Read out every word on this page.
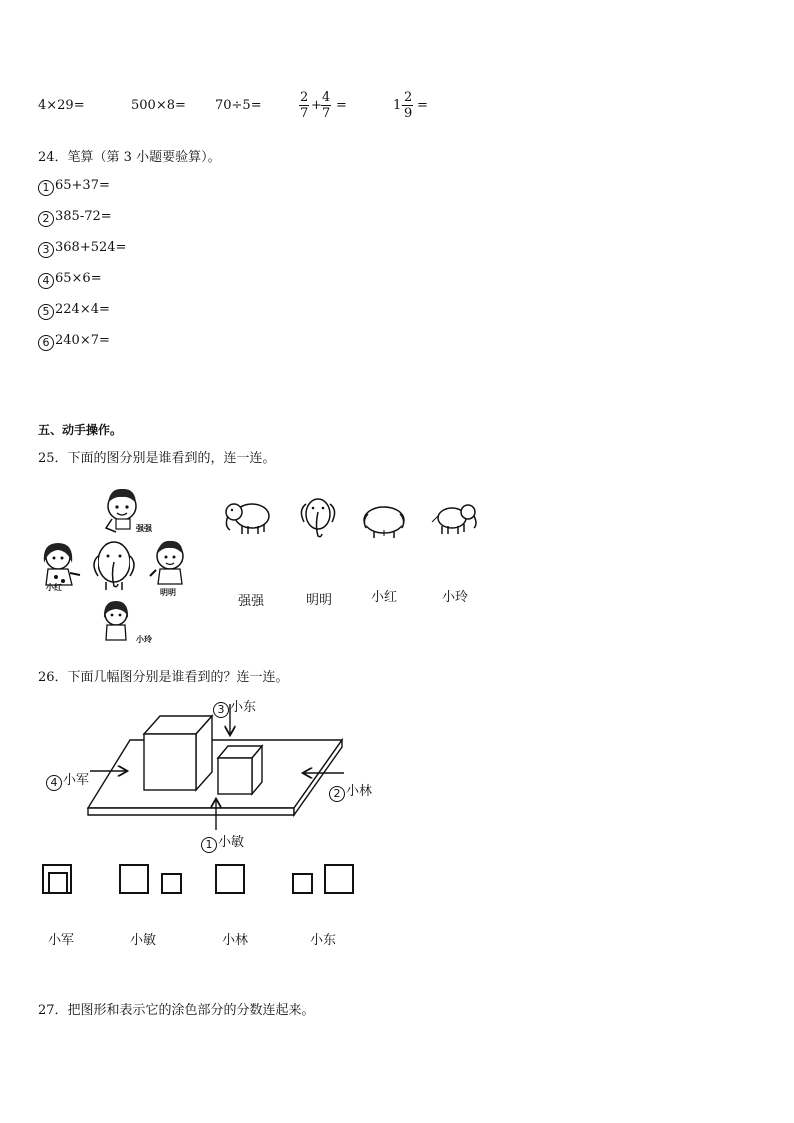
4×29=	500×8= 70÷5=	$\frac{2}{7} + \frac{4}{7}$ =	1-
$\frac{2}{9}$ =
24．笔算（第 3 小题要验算）。
1 65+37=
2 385-72=
3 368+524=
4 65×6=
5 224×4=
6 240×7=
五、动手操作。
25．下面的图分别是谁看到的，连一连。
强强
小红
明明
小玲
强强	明明	小红	小玲
26．下面几幅图分别是谁看到的？连一连。
3 小东
4 小军
2 小林
1 小敏
小军	小敏	小林	小东
27．把图形和表示它的涂色部分的分数连起来。
